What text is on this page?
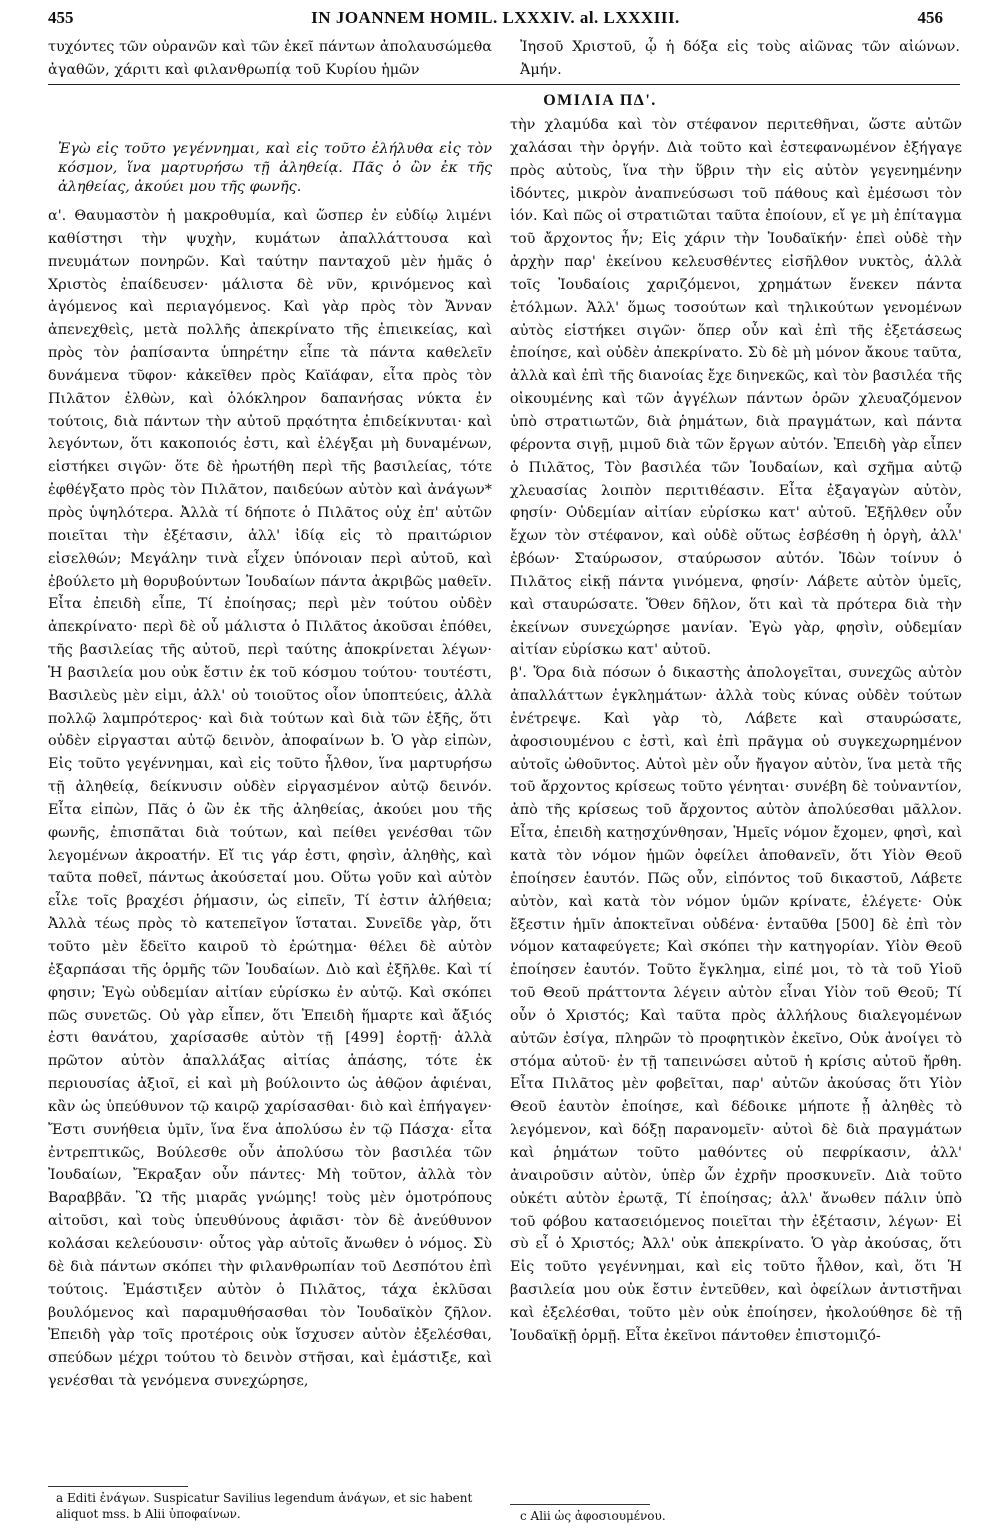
455	IN JOANNEM HOMIL. LXXXIV. al. LXXXIII.	456

τυχόντες τῶν οὐρανῶν καὶ τῶν ἐκεῖ πάντων ἀπολαυσώμεθα ἀγαθῶν, χάριτι καὶ φιλανθρωπίᾳ τοῦ Κυρίου ἡμῶν

Ἰησοῦ Χριστοῦ, ᾧ ἡ δόξα εἰς τοὺς αἰῶνας τῶν αἰώνων. Ἀμήν.

ΟΜΙΛΙΑ ΠΔ'.

Ἐγὼ εἰς τοῦτο γεγέννημαι, καὶ εἰς τοῦτο ἐλήλυθα εἰς τὸν κόσμον, ἵνα μαρτυρήσω τῇ ἀληθείᾳ. Πᾶς ὁ ὢν ἐκ τῆς ἀληθείας, ἀκούει μου τῆς φωνῆς.

α'. Θαυμαστὸν ἡ μακροθυμία, καὶ ὥσπερ ἐν εὐδίῳ λιμένι καθίστησι τὴν ψυχὴν, κυμάτων ἀπαλλάττουσα καὶ πνευμάτων πονηρῶν. Καὶ ταύτην πανταχοῦ μὲν ἡμᾶς ὁ Χριστὸς ἐπαίδευσεν· μάλιστα δὲ νῦν, κρινόμενος καὶ ἀγόμενος καὶ περιαγόμενος. Καὶ γὰρ πρὸς τὸν Ἄνναν ἀπενεχθεὶς, μετὰ πολλῆς ἀπεκρίνατο τῆς ἐπιεικείας, καὶ πρὸς τὸν ῥαπίσαντα ὑπηρέτην εἶπε τὰ πάντα καθελεῖν δυνάμενα τῦφον· κἀκεῖθεν πρὸς Καϊάφαν, εἶτα πρὸς τὸν Πιλᾶτον ἐλθὼν, καὶ ὁλόκληρον δαπανήσας νύκτα ἐν τούτοις, διὰ πάντων τὴν αὐτοῦ πρᾳότητα ἐπιδείκνυται· καὶ λεγόντων, ὅτι κακοποιός ἐστι, καὶ ἐλέγξαι μὴ δυναμένων, εἱστήκει σιγῶν· ὅτε δὲ ἠρωτήθη περὶ τῆς βασιλείας, τότε ἐφθέγξατο πρὸς τὸν Πιλᾶτον, παιδεύων αὐτὸν καὶ ἀνάγων* πρὸς ὑψηλότερα. Ἀλλὰ τί δήποτε ὁ Πιλᾶτος οὐχ ἐπ' αὐτῶν ποιεῖται τὴν ἐξέτασιν, ἀλλ' ἰδίᾳ εἰς τὸ πραιτώριον εἰσελθών; Μεγάλην τινὰ εἶχεν ὑπόνοιαν περὶ αὐτοῦ, καὶ ἐβούλετο μὴ θορυβούντων Ἰουδαίων πάντα ἀκριβῶς μαθεῖν. Εἶτα ἐπειδὴ εἶπε, Τί ἐποίησας; περὶ μὲν τούτου οὐδὲν ἀπεκρίνατο· περὶ δὲ οὗ μάλιστα ὁ Πιλᾶτος ἀκοῦσαι ἐπόθει, τῆς βασιλείας τῆς αὐτοῦ, περὶ ταύτης ἀποκρίνεται λέγων· Ἡ βασιλεία μου οὐκ ἔστιν ἐκ τοῦ κόσμου τούτου· τουτέστι, Βασιλεὺς μὲν εἰμι, ἀλλ' οὐ τοιοῦτος οἷον ὑποπτεύεις, ἀλλὰ πολλῷ λαμπρότερος· καὶ διὰ τούτων καὶ διὰ τῶν ἑξῆς, ὅτι οὐδὲν εἰργασται αὐτῷ δεινὸν, ἀποφαίνων b. Ὁ γὰρ εἰπὼν, Εἰς τοῦτο γεγέννημαι, καὶ εἰς τοῦτο ἦλθον, ἵνα μαρτυρήσω τῇ ἀληθείᾳ, δείκνυσιν οὐδὲν εἰργασμένον αὐτῷ δεινόν. Εἶτα εἰπὼν, Πᾶς ὁ ὢν ἐκ τῆς ἀληθείας, ἀκούει μου τῆς φωνῆς, ἐπισπᾶται διὰ τούτων, καὶ πείθει γενέσθαι τῶν λεγομένων ἀκροατήν. Εἴ τις γάρ ἐστι, φησὶν, ἀληθὴς, καὶ ταῦτα ποθεῖ, πάντως ἀκούσεταί μου. Οὕτω γοῦν καὶ αὐτὸν εἷλε τοῖς βραχέσι ῥήμασιν, ὡς εἰπεῖν, Τί ἐστιν ἀλήθεια; Ἀλλὰ τέως πρὸς τὸ κατεπεῖγον ἵσταται. Συνεῖδε γὰρ, ὅτι τοῦτο μὲν ἔδεϊτο καιροῦ τὸ ἐρώτημα· θέλει δὲ αὐτὸν ἐξαρπάσαι τῆς ὁρμῆς τῶν Ἰουδαίων. Διὸ καὶ ἐξῆλθε. Καὶ τί φησιν; Ἐγὼ οὐδεμίαν αἰτίαν εὑρίσκω ἐν αὐτῷ. Καὶ σκόπει πῶς συνετῶς. Οὐ γὰρ εἶπεν, ὅτι Ἐπειδὴ ἥμαρτε καὶ ἄξιός ἐστι θανάτου, χαρίσασθε αὐτὸν τῇ [499] ἑορτῇ· ἀλλὰ πρῶτον αὐτὸν ἀπαλλάξας αἰτίας ἁπάσης, τότε ἐκ περιουσίας ἀξιοῖ, εἰ καὶ μὴ βούλοιντο ὡς ἀθῷον ἀφιέναι, κἂν ὡς ὑπεύθυνον τῷ καιρῷ χαρίσασθαι· διὸ καὶ ἐπήγαγεν· Ἔστι συνήθεια ὑμῖν, ἵνα ἕνα ἀπολύσω ἐν τῷ Πάσχα· εἶτα ἐντρεπτικῶς, Βούλεσθε οὖν ἀπολύσω τὸν βασιλέα τῶν Ἰουδαίων, Ἔκραξαν οὖν πάντες· Μὴ τοῦτον, ἀλλὰ τὸν Βαραββᾶν. Ὢ τῆς μιαρᾶς γνώμης! τοὺς μὲν ὁμοτρόπους αἰτοῦσι, καὶ τοὺς ὑπευθύνους ἀφιᾶσι· τὸν δὲ ἀνεύθυνον κολάσαι κελεύουσιν· οὗτος γὰρ αὐτοῖς ἄνωθεν ὁ νόμος. Σὺ δὲ διὰ πάντων σκόπει τὴν φιλανθρωπίαν τοῦ Δεσπότου ἐπὶ τούτοις. Ἐμάστιξεν αὐτὸν ὁ Πιλᾶτος, τάχα ἐκλῦσαι βουλόμενος καὶ παραμυθήσασθαι τὸν Ἰουδαϊκὸν ζῆλον. Ἐπειδὴ γὰρ τοῖς προτέροις οὐκ ἴσχυσεν αὐτὸν ἐξελέσθαι, σπεύδων μέχρι τούτου τὸ δεινὸν στῆσαι, καὶ ἐμάστιξε, καὶ γενέσθαι τὰ γενόμενα συνεχώρησε,

τὴν χλαμύδα καὶ τὸν στέφανον περιτεθῆναι, ὥστε αὐτῶν χαλάσαι τὴν ὀργήν. Διὰ τοῦτο καὶ ἐστεφανωμένον ἐξήγαγε πρὸς αὐτοὺς, ἵνα τὴν ὕβριν τὴν εἰς αὐτὸν γεγενημένην ἰδόντες, μικρὸν ἀναπνεύσωσι τοῦ πάθους καὶ ἐμέσωσι τὸν ἰόν. Καὶ πῶς οἱ στρατιῶται ταῦτα ἐποίουν, εἴ γε μὴ ἐπίταγμα τοῦ ἄρχοντος ἦν; Εἰς χάριν τὴν Ἰουδαϊκήν· ἐπεὶ οὐδὲ τὴν ἀρχὴν παρ' ἐκείνου κελευσθέντες εἰσῆλθον νυκτὸς, ἀλλὰ τοῖς Ἰουδαίοις χαριζόμενοι, χρημάτων ἕνεκεν πάντα ἐτόλμων. Ἀλλ' ὅμως τοσούτων καὶ τηλικούτων γενομένων αὐτὸς εἱστήκει σιγῶν· ὅπερ οὖν καὶ ἐπὶ τῆς ἐξετάσεως ἐποίησε, καὶ οὐδὲν ἀπεκρίνατο. Σὺ δὲ μὴ μόνον ἄκουε ταῦτα, ἀλλὰ καὶ ἐπὶ τῆς διανοίας ἔχε διηνεκῶς, καὶ τὸν βασιλέα τῆς οἰκουμένης καὶ τῶν ἀγγέλων πάντων ὁρῶν χλευαζόμενον ὑπὸ στρατιωτῶν, διὰ ῥημάτων, διὰ πραγμάτων, καὶ πάντα φέροντα σιγῇ, μιμοῦ διὰ τῶν ἔργων αὐτόν. Ἐπειδὴ γὰρ εἶπεν ὁ Πιλᾶτος, Τὸν βασιλέα τῶν Ἰουδαίων, καὶ σχῆμα αὐτῷ χλευασίας λοιπὸν περιτιθέασιν. Εἶτα ἐξαγαγὼν αὐτὸν, φησίν· Οὐδεμίαν αἰτίαν εὑρίσκω κατ' αὐτοῦ. Ἐξῆλθεν οὖν ἔχων τὸν στέφανον, καὶ οὐδὲ οὕτως ἐσβέσθη ἡ ὀργὴ, ἀλλ' ἐβόων· Σταύρωσον, σταύρωσον αὐτόν. Ἰδὼν τοίνυν ὁ Πιλᾶτος εἰκῇ πάντα γινόμενα, φησίν· Λάβετε αὐτὸν ὑμεῖς, καὶ σταυρώσατε. Ὅθεν δῆλον, ὅτι καὶ τὰ πρότερα διὰ τὴν ἐκείνων συνεχώρησε μανίαν. Ἐγὼ γὰρ, φησὶν, οὐδεμίαν αἰτίαν εὑρίσκω κατ' αὐτοῦ.

β'. Ὅρα διὰ πόσων ὁ δικαστὴς ἀπολογεῖται, συνεχῶς αὐτὸν ἀπαλλάττων ἐγκλημάτων· ἀλλὰ τοὺς κύνας οὐδὲν τούτων ἐνέτρεψε. Καὶ γὰρ τὸ, Λάβετε καὶ σταυρώσατε, ἀφοσιουμένου c ἐστὶ, καὶ ἐπὶ πρᾶγμα οὐ συγκεχωρημένον αὐτοῖς ὠθοῦντος. Αὐτοὶ μὲν οὖν ἤγαγον αὐτὸν, ἵνα μετὰ τῆς τοῦ ἄρχοντος κρίσεως τοῦτο γένηται· συνέβη δὲ τοὐναντίον, ἀπὸ τῆς κρίσεως τοῦ ἄρχοντος αὐτὸν ἀπολύεσθαι μᾶλλον. Εἶτα, ἐπειδὴ κατῃσχύνθησαν, Ἡμεῖς νόμον ἔχομεν, φησὶ, καὶ κατὰ τὸν νόμον ἡμῶν ὀφείλει ἀποθανεῖν, ὅτι Υἱὸν Θεοῦ ἐποίησεν ἑαυτόν. Πῶς οὖν, εἰπόντος τοῦ δικαστοῦ, Λάβετε αὐτὸν, καὶ κατὰ τὸν νόμον ὑμῶν κρίνατε, ἐλέγετε· Οὐκ ἔξεστιν ἡμῖν ἀποκτεῖναι οὐδένα· ἐνταῦθα [500] δὲ ἐπὶ τὸν νόμον καταφεύγετε; Καὶ σκόπει τὴν κατηγορίαν. Υἱὸν Θεοῦ ἐποίησεν ἑαυτόν. Τοῦτο ἔγκλημα, εἰπέ μοι, τὸ τὰ τοῦ Υἱοῦ τοῦ Θεοῦ πράττοντα λέγειν αὐτὸν εἶναι Υἱὸν τοῦ Θεοῦ; Τί οὖν ὁ Χριστός; Καὶ ταῦτα πρὸς ἀλλήλους διαλεγομένων αὐτῶν ἐσίγα, πληρῶν τὸ προφητικὸν ἐκεῖνο, Οὐκ ἀνοίγει τὸ στόμα αὐτοῦ· ἐν τῇ ταπεινώσει αὐτοῦ ἡ κρίσις αὐτοῦ ἤρθη. Εἶτα Πιλᾶτος μὲν φοβεῖται, παρ' αὐτῶν ἀκούσας ὅτι Υἱὸν Θεοῦ ἑαυτὸν ἐποίησε, καὶ δέδοικε μήποτε ᾖ ἀληθὲς τὸ λεγόμενον, καὶ δόξῃ παρανομεῖν· αὐτοὶ δὲ διὰ πραγμάτων καὶ ῥημάτων τοῦτο μαθόντες οὐ πεφρίκασιν, ἀλλ' ἀναιροῦσιν αὐτὸν, ὑπὲρ ὧν ἐχρῆν προσκυνεῖν. Διὰ τοῦτο οὐκέτι αὐτὸν ἐρωτᾷ, Τί ἐποίησας; ἀλλ' ἄνωθεν πάλιν ὑπὸ τοῦ φόβου κατασειόμενος ποιεῖται τὴν ἐξέτασιν, λέγων· Εἰ σὺ εἶ ὁ Χριστός; Ἀλλ' οὐκ ἀπεκρίνατο. Ὁ γὰρ ἀκούσας, ὅτι Εἰς τοῦτο γεγέννημαι, καὶ εἰς τοῦτο ἦλθον, καὶ, ὅτι Ἡ βασιλεία μου οὐκ ἔστιν ἐντεῦθεν, καὶ ὀφείλων ἀντιστῆναι καὶ ἐξελέσθαι, τοῦτο μὲν οὐκ ἐποίησεν, ἠκολούθησε δὲ τῇ Ἰουδαϊκῇ ὁρμῇ. Εἶτα ἐκεῖνοι πάντοθεν ἐπιστομιζό-

a Editi ἐνάγων. Suspicatur Savilius legendum ἀνάγων, et sic habent aliquot mss. b Alii ὑποφαίνων.	c Alii ὡς ἀφοσιουμένου.
